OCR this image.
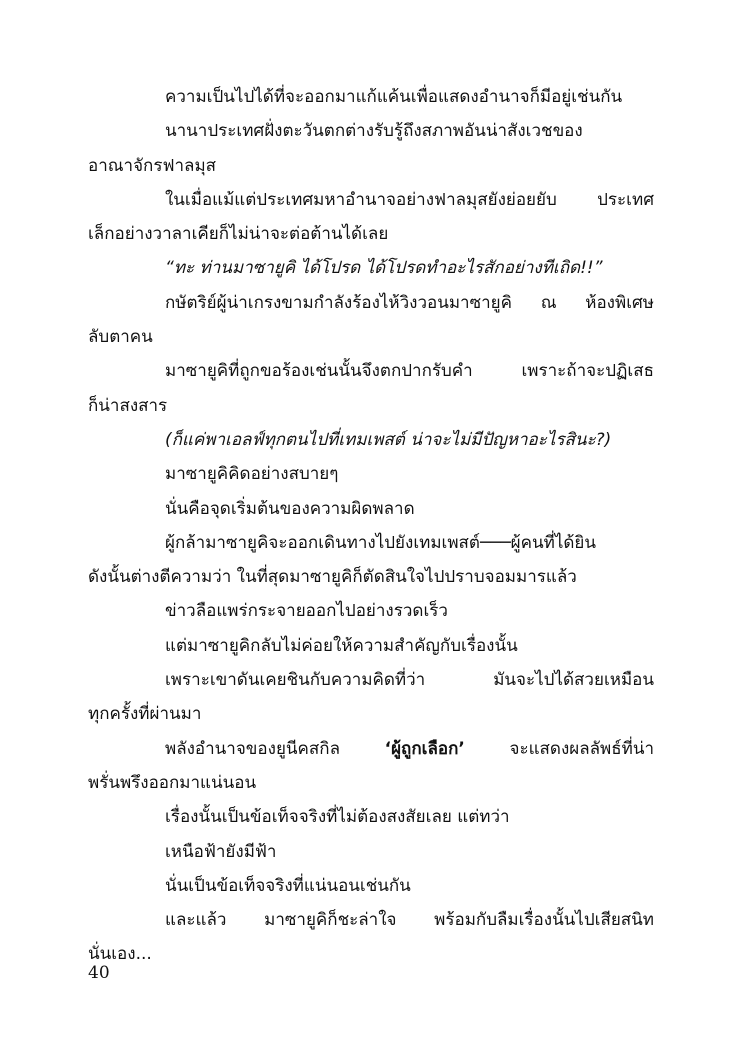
ความเป็นไปได้ที่จะออกมาแก้แค้นเพื่อแสดงอำนาจก็มีอยู่เช่นกัน
นานาประเทศฝั่งตะวันตกต่างรับรู้ถึงสภาพอันน่าสังเวชของ
อาณาจักรฟาลมุส
ในเมื่อแม้แต่ประเทศมหาอำนาจอย่างฟาลมุสยังย่อยยับ ประเทศ
เล็กอย่างวาลาเคียก็ไม่น่าจะต่อต้านได้เลย
“ทะ ท่านมาซายูคิ ได้โปรด ได้โปรดทำอะไรสักอย่างทีเถิด!!”
กษัตริย์ผู้น่าเกรงขามกำลังร้องไห้วิงวอนมาซายูคิ ณ ห้องพิเศษ
ลับตาคน
มาซายูคิที่ถูกขอร้องเช่นนั้นจึงตกปากรับคำ เพราะถ้าจะปฏิเสธ
ก็น่าสงสาร
(ก็แค่พาเอลฟ์ทุกตนไปที่เทมเพสต์ น่าจะไม่มีปัญหาอะไรสินะ?)
มาซายูคิคิดอย่างสบายๆ
นั่นคือจุดเริ่มต้นของความผิดพลาด
ผู้กล้ามาซายูคิจะออกเดินทางไปยังเทมเพสต์───ผู้คนที่ได้ยิน
ดังนั้นต่างตีความว่า ในที่สุดมาซายูคิก็ตัดสินใจไปปราบจอมมารแล้ว
ข่าวลือแพร่กระจายออกไปอย่างรวดเร็ว
แต่มาซายูคิกลับไม่ค่อยให้ความสำคัญกับเรื่องนั้น
เพราะเขาดันเคยชินกับความคิดที่ว่า มันจะไปได้สวยเหมือน
ทุกครั้งที่ผ่านมา
พลังอำนาจของยูนีคสกิล ‘ผู้ถูกเลือก’ จะแสดงผลลัพธ์ที่น่า
พรั่นพรึงออกมาแน่นอน
เรื่องนั้นเป็นข้อเท็จจริงที่ไม่ต้องสงสัยเลย แต่ทว่า
เหนือฟ้ายังมีฟ้า
นั่นเป็นข้อเท็จจริงที่แน่นอนเช่นกัน
และแล้ว มาซายูคิก็ชะล่าใจ พร้อมกับลืมเรื่องนั้นไปเสียสนิท
นั่นเอง...
40
